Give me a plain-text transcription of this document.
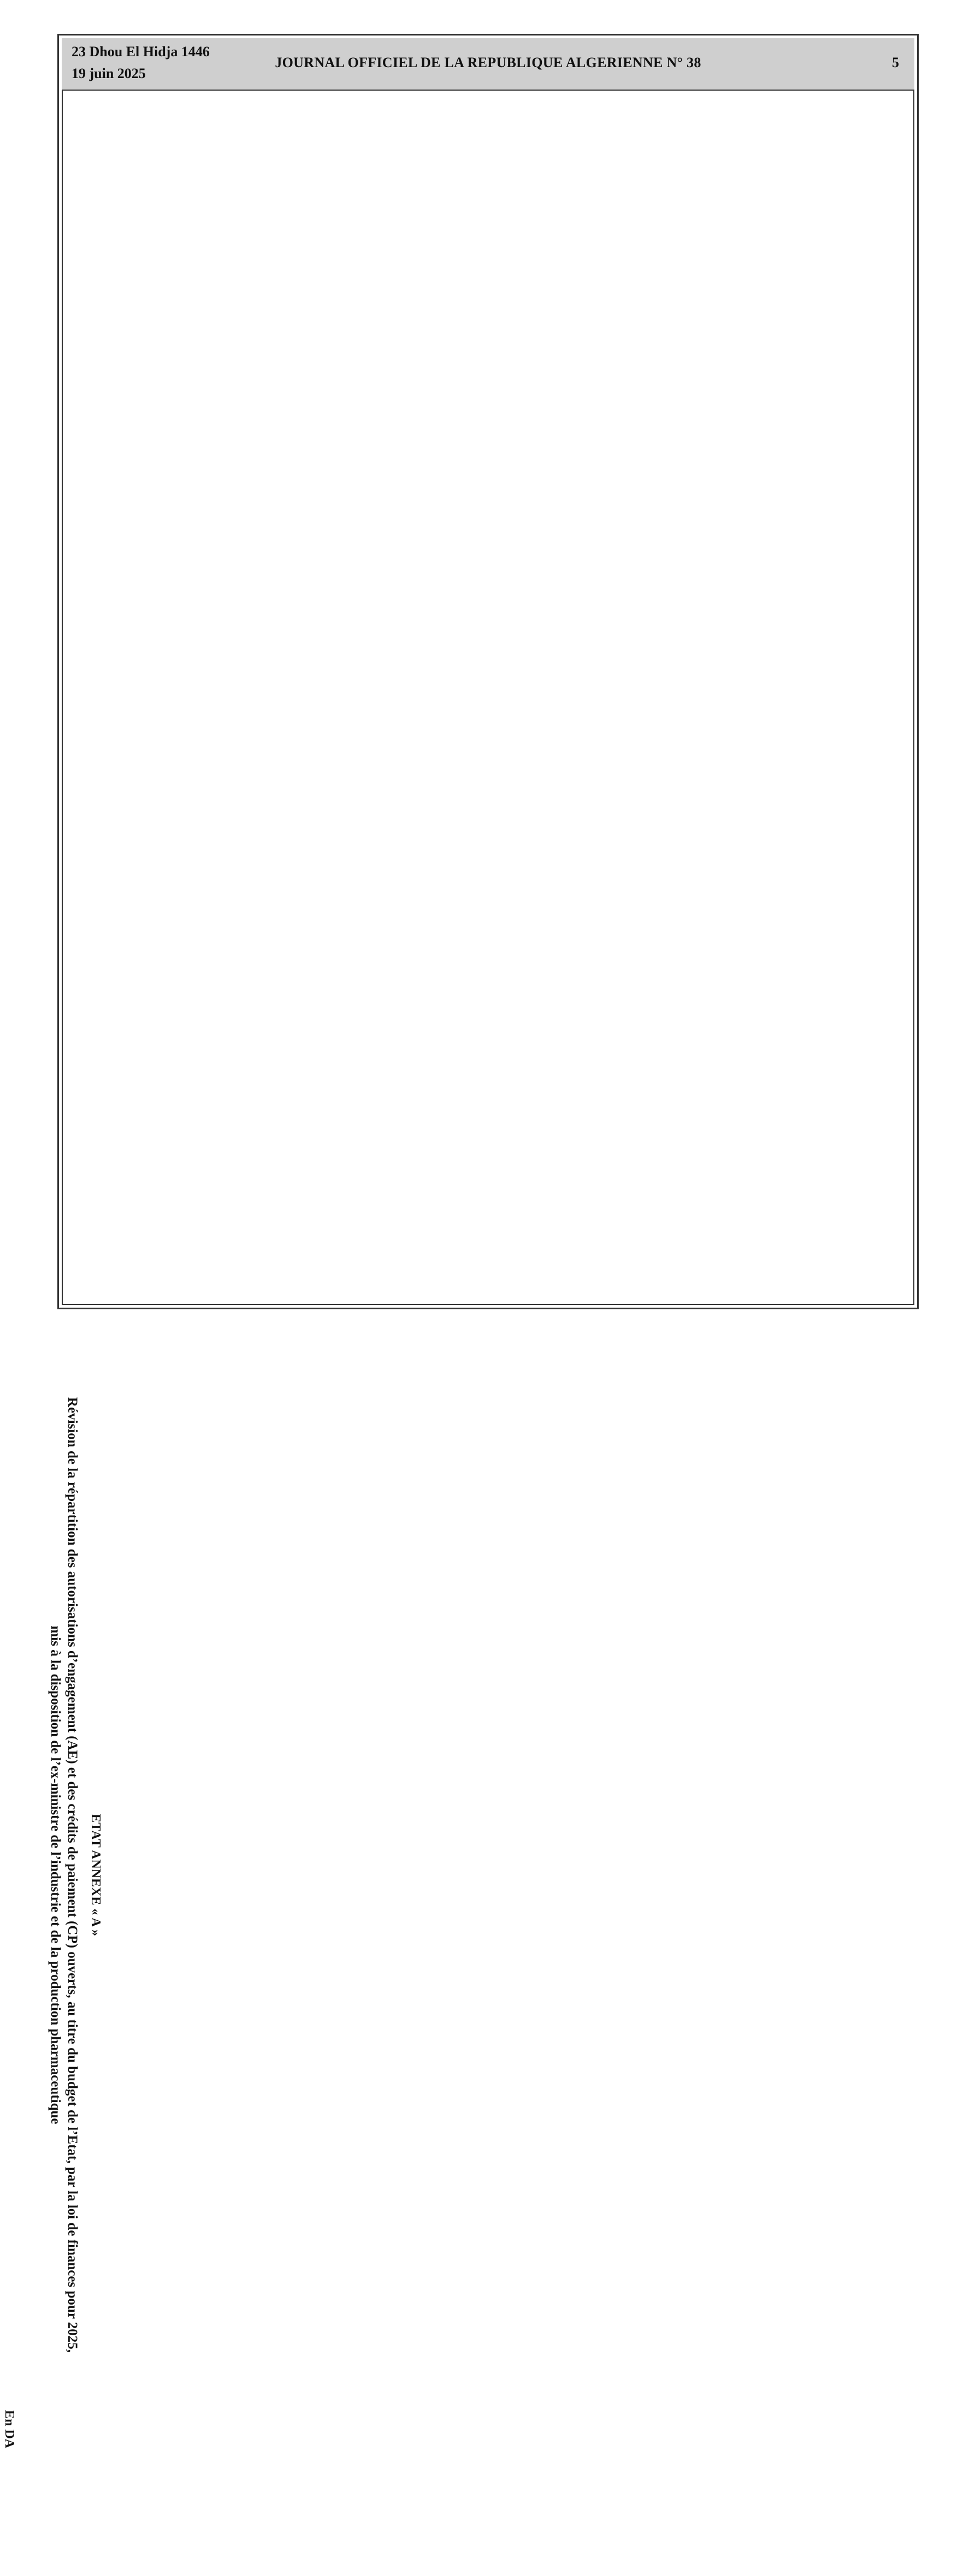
23 Dhou El Hidja 1446
19 juin 2025
JOURNAL OFFICIEL DE LA REPUBLIQUE ALGERIENNE N° 38	5
ETAT ANNEXE « A »
Révision de la répartition des autorisations d’engagement (AE) et des crédits de paiement (CP) ouverts, au titre du budget de l’Etat, par la loi de finances pour 2025,
mis à la disposition de l’ex-ministre de l’industrie et de la production pharmaceutique
En DA
